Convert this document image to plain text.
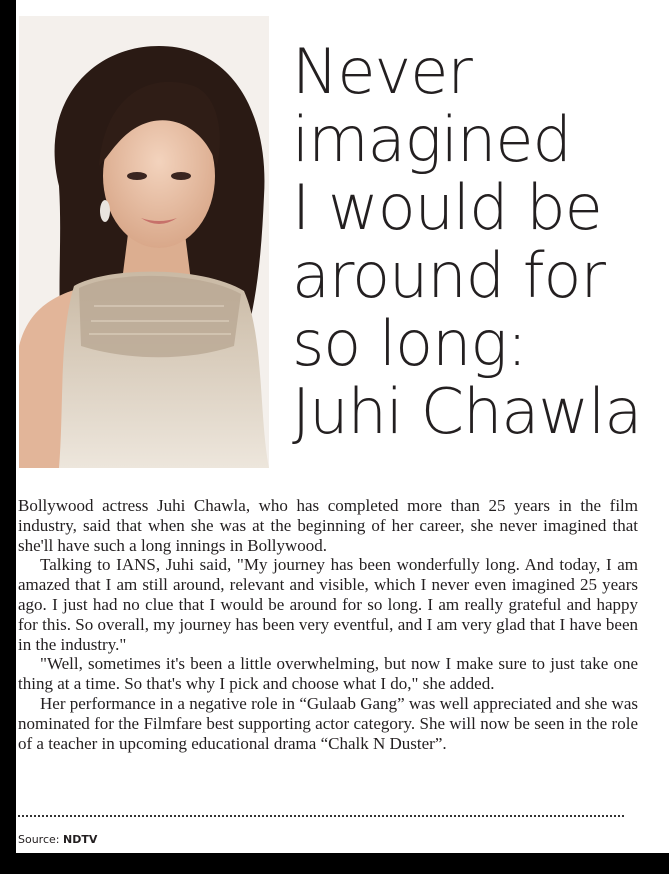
Never
imagined
I would be
around for
so long:
Juhi Chawla

Bollywood actress Juhi Chawla, who has completed more than 25 years in the film industry, said that when she was at the beginning of her career, she never imagined that she'll have such a long innings in Bollywood.

Talking to IANS, Juhi said, "My journey has been wonderfully long. And today, I am amazed that I am still around, relevant and visible, which I never even imagined 25 years ago. I just had no clue that I would be around for so long. I am really grateful and happy for this. So overall, my journey has been very eventful, and I am very glad that I have been in the industry."

"Well, sometimes it's been a little overwhelming, but now I make sure to just take one thing at a time. So that's why I pick and choose what I do," she added.

Her performance in a negative role in “Gulaab Gang” was well appreciated and she was nominated for the Filmfare best supporting actor category. She will now be seen in the role of a teacher in upcoming educational drama “Chalk N Duster”.

Source: NDTV
